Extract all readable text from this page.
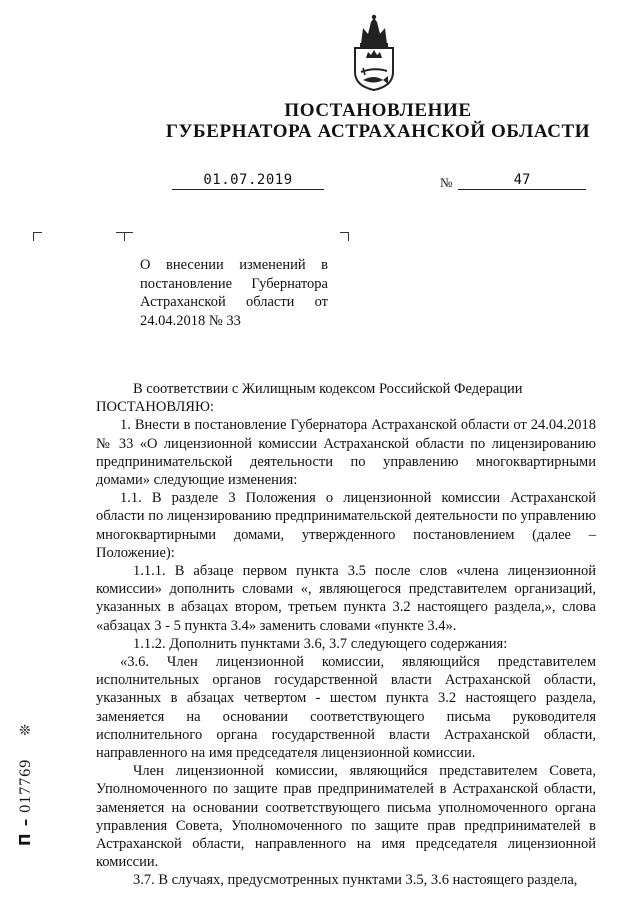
ПОСТАНОВЛЕНИЕ
ГУБЕРНАТОРА АСТРАХАНСКОЙ ОБЛАСТИ
01.07.2019	№	47
О внесении изменений в постановление Губернатора Астраханской области от 24.04.2018 № 33

В соответствии с Жилищным кодексом Российской Федерации

ПОСТАНОВЛЯЮ:

1. Внести в постановление Губернатора Астраханской области от 24.04.2018 № 33 «О лицензионной комиссии Астраханской области по лицензированию предпринимательской деятельности по управлению многоквартирными домами» следующие изменения:

1.1. В разделе 3 Положения о лицензионной комиссии Астраханской области по лицензированию предпринимательской деятельности по управлению многоквартирными домами, утвержденного постановлением (далее – Положение):

1.1.1. В абзаце первом пункта 3.5 после слов «члена лицензионной комиссии» дополнить словами «, являющегося представителем организаций, указанных в абзацах втором, третьем пункта 3.2 настоящего раздела,», слова «абзацах 3 - 5 пункта 3.4» заменить словами «пункте 3.4».

1.1.2. Дополнить пунктами 3.6, 3.7 следующего содержания:

«3.6. Член лицензионной комиссии, являющийся представителем исполнительных органов государственной власти Астраханской области, указанных в абзацах четвертом - шестом пункта 3.2 настоящего раздела, заменяется на основании соответствующего письма руководителя исполнительного органа государственной власти Астраханской области, направленного на имя председателя лицензионной комиссии.

Член лицензионной комиссии, являющийся представителем Совета, Уполномоченного по защите прав предпринимателей в Астраханской области, заменяется на основании соответствующего письма уполномоченного органа управления Совета, Уполномоченного по защите прав предпринимателей в Астраханской области, направленного на имя председателя лицензионной комиссии.

3.7. В случаях, предусмотренных пунктами 3.5, 3.6 настоящего раздела,

П – 017769 ❊
